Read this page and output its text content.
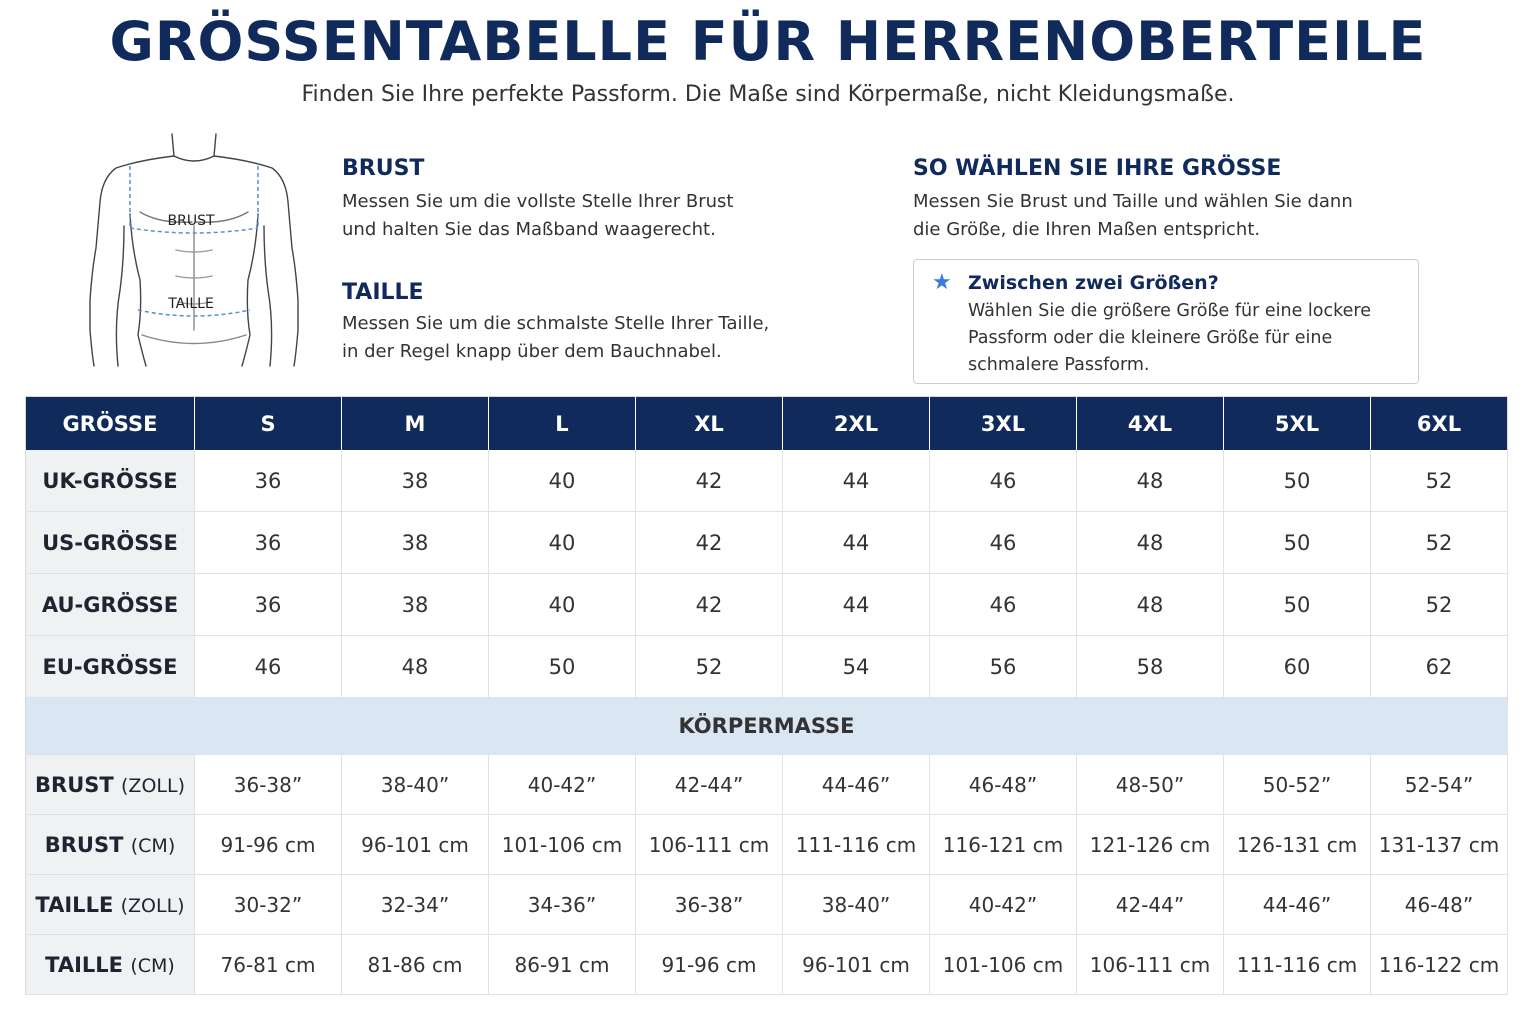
GRÖSSENTABELLE FÜR HERRENOBERTEILE

Finden Sie Ihre perfekte Passform. Die Maße sind Körpermaße, nicht Kleidungsmaße.

BRUST
TAILLE
BRUST

Messen Sie um die vollste Stelle Ihrer Brust

und halten Sie das Maßband waagerecht.

TAILLE

Messen Sie um die schmalste Stelle Ihrer Taille,

in der Regel knapp über dem Bauchnabel.

SO WÄHLEN SIE IHRE GRÖSSE

Messen Sie Brust und Taille und wählen Sie dann

die Größe, die Ihren Maßen entspricht.

★ Zwischen zwei Größen?
Wählen Sie die größere Größe für eine lockere Passform oder die kleinere Größe für eine schmalere Passform.
GRÖSSE	S	M	L	XL	2XL	3XL	4XL	5XL	6XL
UK-GRÖSSE	36	38	40	42	44	46	48	50	52
US-GRÖSSE	36	38	40	42	44	46	48	50	52
AU-GRÖSSE	36	38	40	42	44	46	48	50	52
EU-GRÖSSE	46	48	50	52	54	56	58	60	62
KÖRPERMASSE									
BRUST (ZOLL)	36-38”	38-40”	40-42”	42-44”	44-46”	46-48”	48-50”	50-52”	52-54”
BRUST (CM)	91-96 cm	96-101 cm	101-106 cm	106-111 cm	111-116 cm	116-121 cm	121-126 cm	126-131 cm	131-137 cm
TAILLE (ZOLL)	30-32”	32-34”	34-36”	36-38”	38-40”	40-42”	42-44”	44-46”	46-48”
TAILLE (CM)	76-81 cm	81-86 cm	86-91 cm	91-96 cm	96-101 cm	101-106 cm	106-111 cm	111-116 cm	116-122 cm
